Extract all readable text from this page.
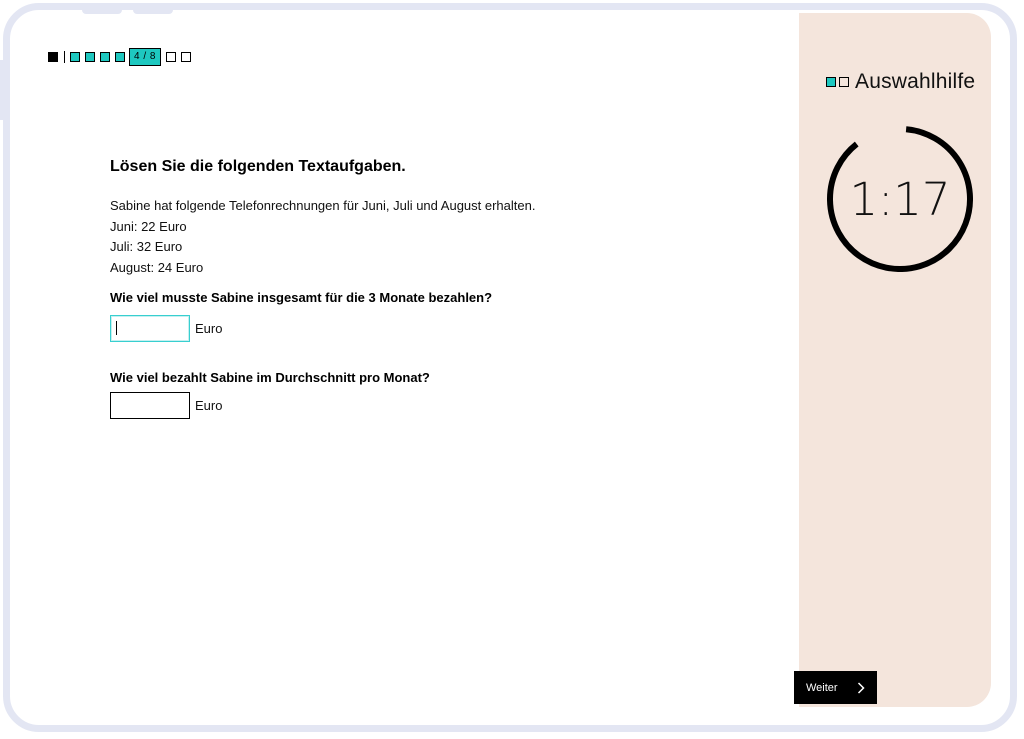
4 / 8
Lösen Sie die folgenden Textaufgaben.
Sabine hat folgende Telefonrechnungen für Juni, Juli und August erhalten.
Juni: 22 Euro
Juli: 32 Euro
August: 24 Euro
Wie viel musste Sabine insgesamt für die 3 Monate bezahlen?
Euro
Wie viel bezahlt Sabine im Durchschnitt pro Monat?
Euro
Auswahlhilfe
1:17
Weiter
